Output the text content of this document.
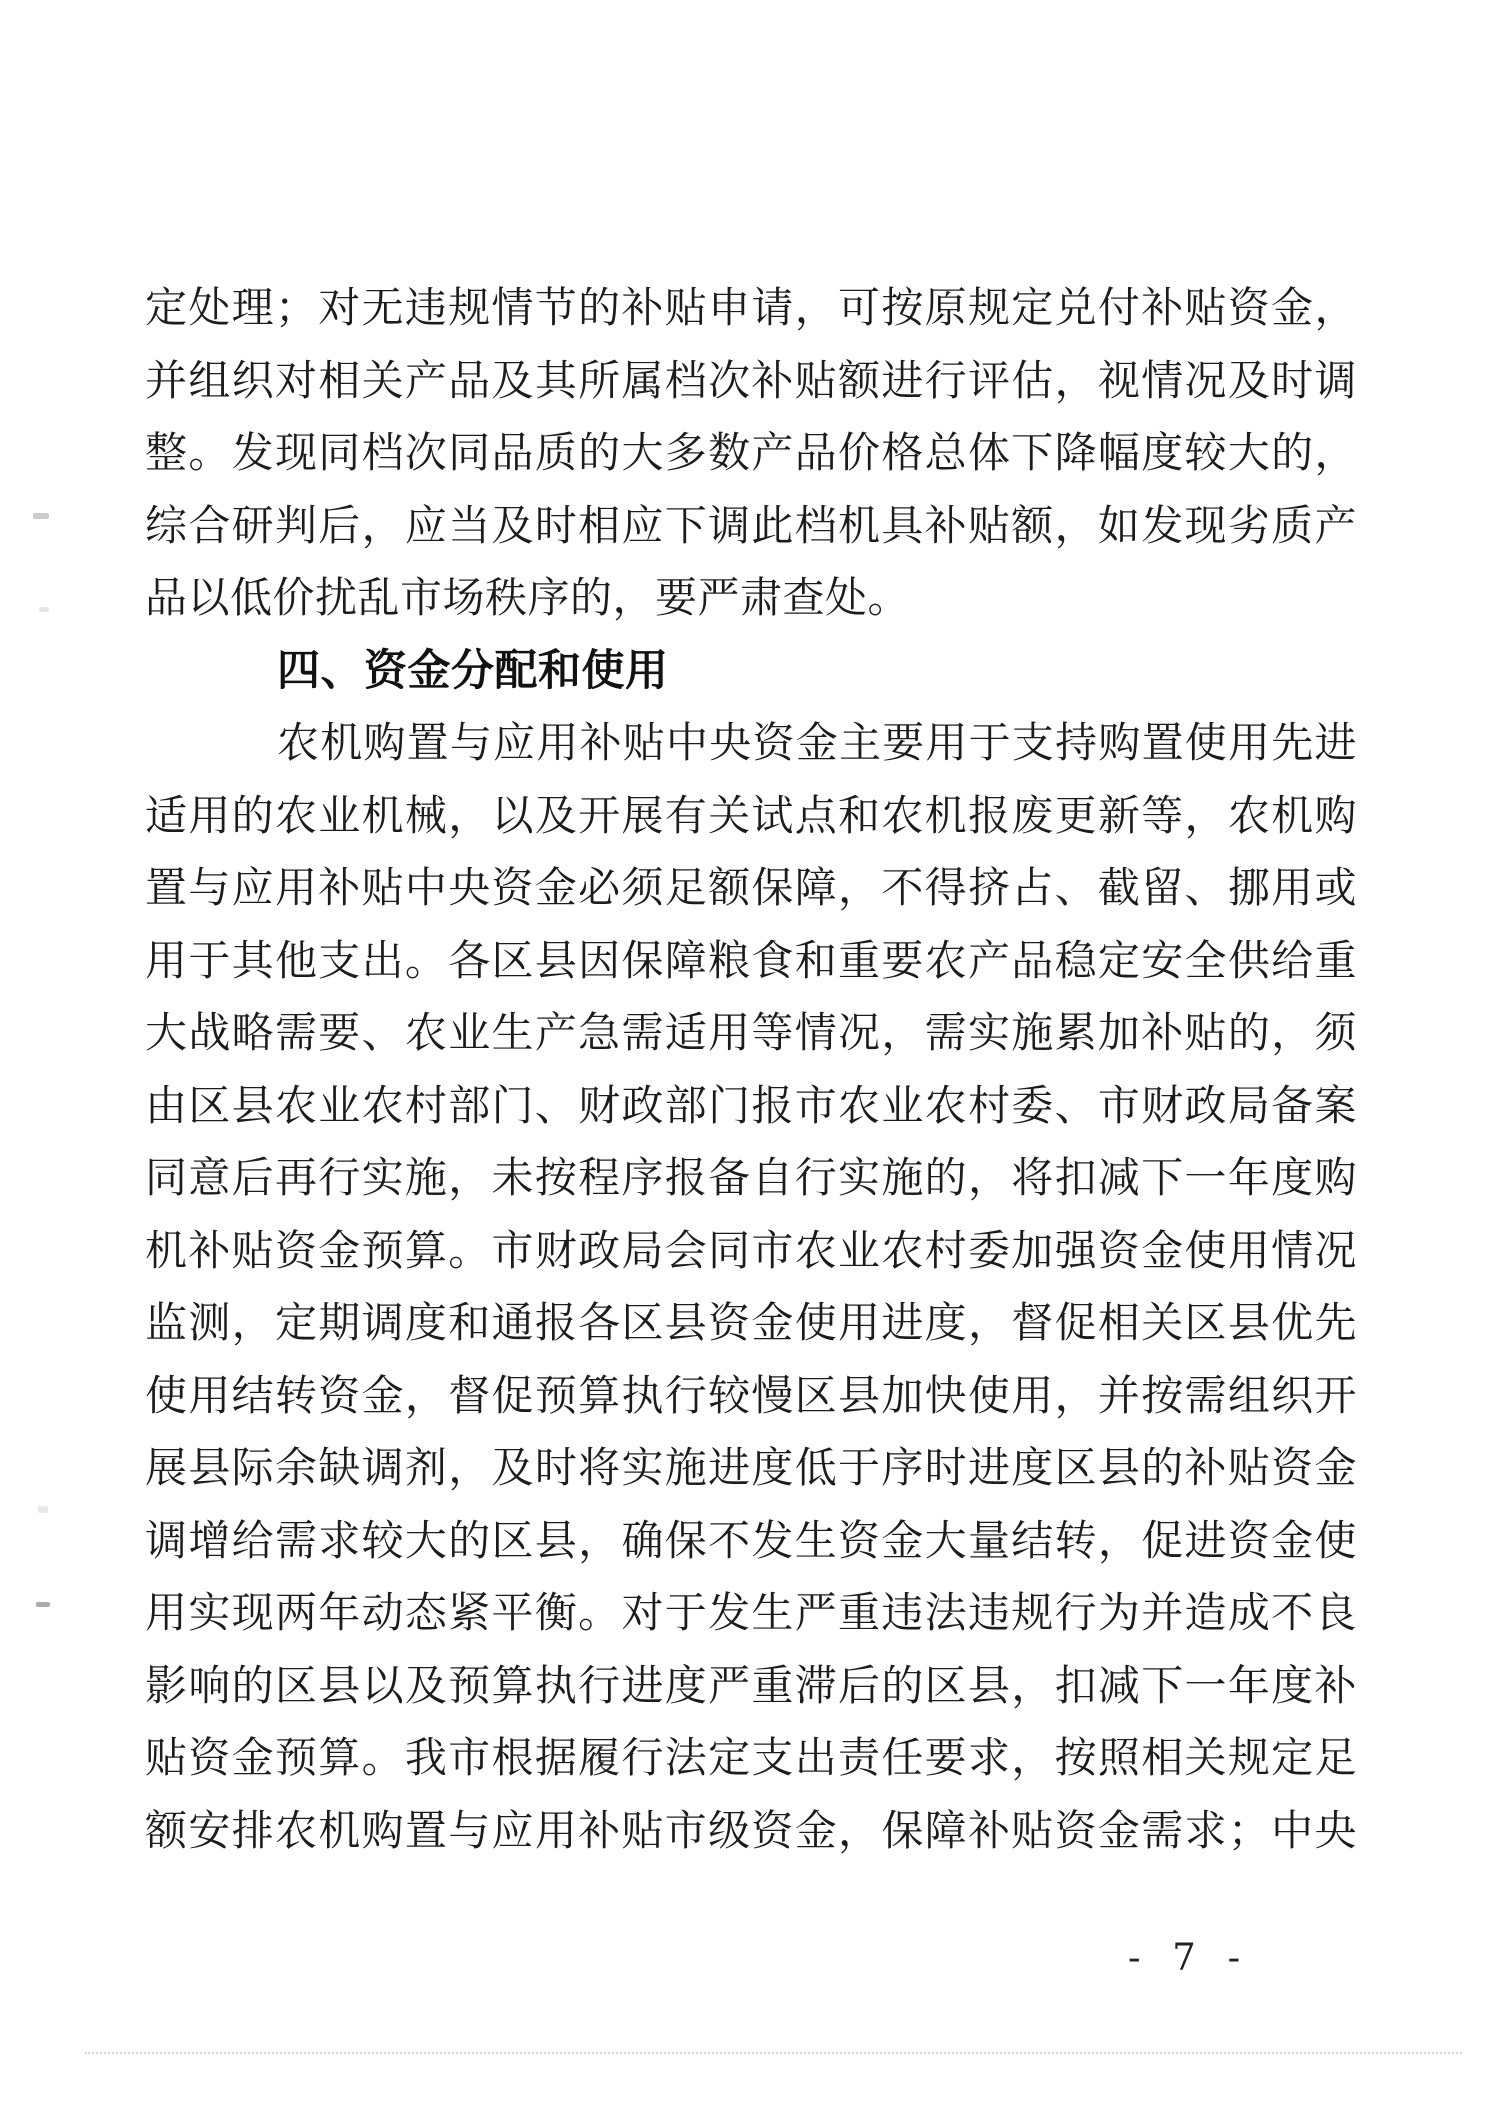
定处理；对无违规情节的补贴申请，可按原规定兑付补贴资金，
并组织对相关产品及其所属档次补贴额进行评估，视情况及时调
整。发现同档次同品质的大多数产品价格总体下降幅度较大的，
综合研判后，应当及时相应下调此档机具补贴额，如发现劣质产
品以低价扰乱市场秩序的，要严肃查处。
四、资金分配和使用
农机购置与应用补贴中央资金主要用于支持购置使用先进
适用的农业机械，以及开展有关试点和农机报废更新等，农机购
置与应用补贴中央资金必须足额保障，不得挤占、截留、挪用或
用于其他支出。各区县因保障粮食和重要农产品稳定安全供给重
大战略需要、农业生产急需适用等情况，需实施累加补贴的，须
由区县农业农村部门、财政部门报市农业农村委、市财政局备案
同意后再行实施，未按程序报备自行实施的，将扣减下一年度购
机补贴资金预算。市财政局会同市农业农村委加强资金使用情况
监测，定期调度和通报各区县资金使用进度，督促相关区县优先
使用结转资金，督促预算执行较慢区县加快使用，并按需组织开
展县际余缺调剂，及时将实施进度低于序时进度区县的补贴资金
调增给需求较大的区县，确保不发生资金大量结转，促进资金使
用实现两年动态紧平衡。对于发生严重违法违规行为并造成不良
影响的区县以及预算执行进度严重滞后的区县，扣减下一年度补
贴资金预算。我市根据履行法定支出责任要求，按照相关规定足
额安排农机购置与应用补贴市级资金，保障补贴资金需求；中央
- 7 -
